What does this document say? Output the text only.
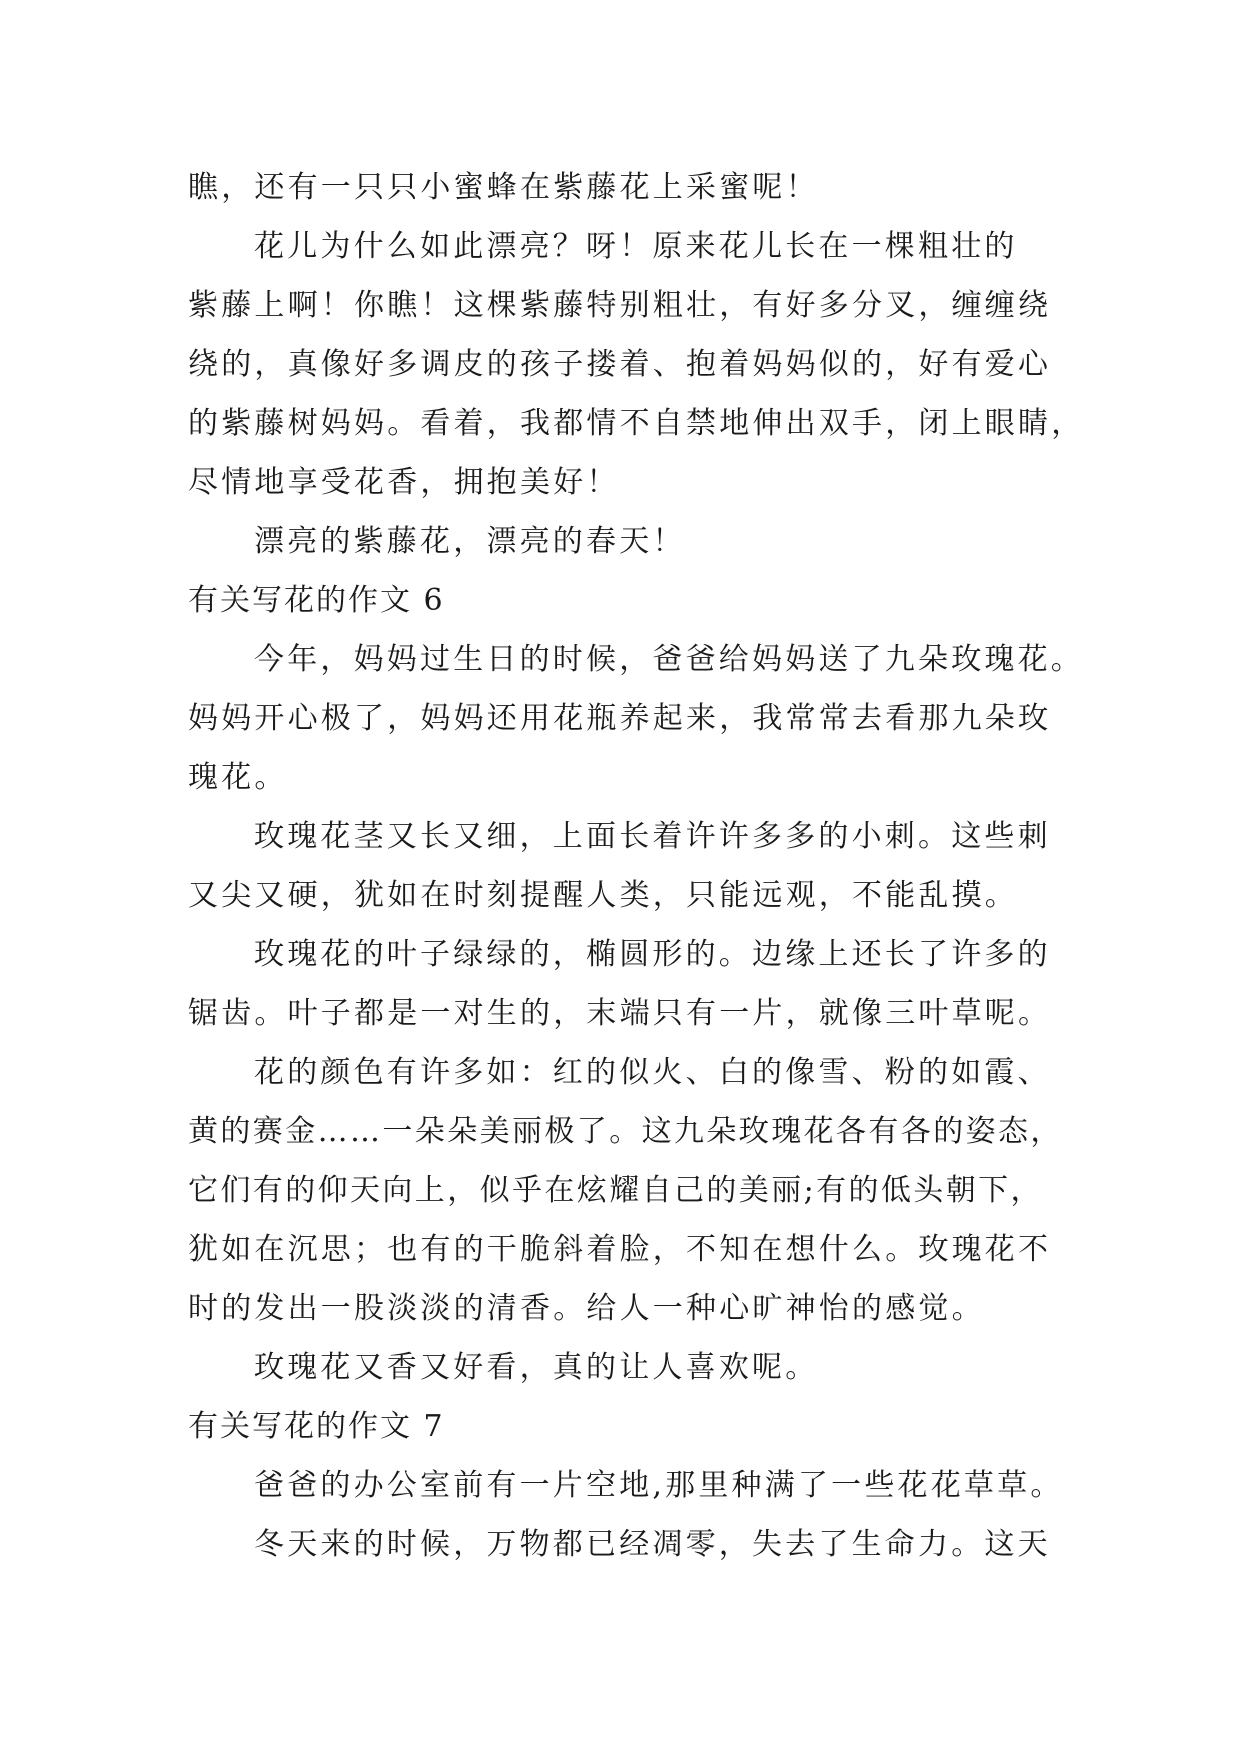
瞧，还有一只只小蜜蜂在紫藤花上采蜜呢！
花儿为什么如此漂亮？呀！原来花儿长在一棵粗壮的
紫藤上啊！你瞧！这棵紫藤特别粗壮，有好多分叉，缠缠绕
绕的，真像好多调皮的孩子搂着、抱着妈妈似的，好有爱心
的紫藤树妈妈。看着，我都情不自禁地伸出双手，闭上眼睛，
尽情地享受花香，拥抱美好！
漂亮的紫藤花，漂亮的春天！
有关写花的作文 6
今年，妈妈过生日的时候，爸爸给妈妈送了九朵玫瑰花。
妈妈开心极了，妈妈还用花瓶养起来，我常常去看那九朵玫
瑰花。
玫瑰花茎又长又细，上面长着许许多多的小刺。这些刺
又尖又硬，犹如在时刻提醒人类，只能远观，不能乱摸。
玫瑰花的叶子绿绿的，椭圆形的。边缘上还长了许多的
锯齿。叶子都是一对生的，末端只有一片，就像三叶草呢。
花的颜色有许多如：红的似火、白的像雪、粉的如霞、
黄的赛金……一朵朵美丽极了。这九朵玫瑰花各有各的姿态，
它们有的仰天向上，似乎在炫耀自己的美丽;有的低头朝下，
犹如在沉思；也有的干脆斜着脸，不知在想什么。玫瑰花不
时的发出一股淡淡的清香。给人一种心旷神怡的感觉。
玫瑰花又香又好看，真的让人喜欢呢。
有关写花的作文 7
爸爸的办公室前有一片空地,那里种满了一些花花草草。
冬天来的时候，万物都已经凋零，失去了生命力。这天
